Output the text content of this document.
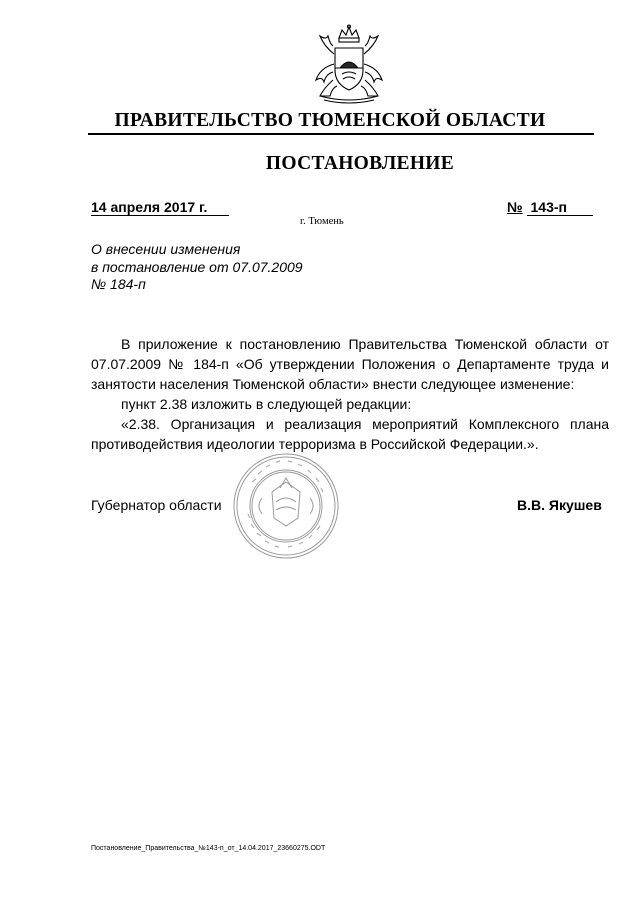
ПРАВИТЕЛЬСТВО ТЮМЕНСКОЙ ОБЛАСТИ
ПОСТАНОВЛЕНИЕ
14 апреля 2017 г.	№ 143-п
г. Тюмень
О внесении изменения
в постановление от 07.07.2009
№ 184-п

В приложение к постановлению Правительства Тюменской области от 07.07.2009 № 184-п «Об утверждении Положения о Департаменте труда и занятости населения Тюменской области» внести следующее изменение:

пункт 2.38 изложить в следующей редакции:

«2.38. Организация и реализация мероприятий Комплексного плана противодействия идеологии терроризма в Российской Федерации.».

Губернатор области	В.В. Якушев
Постановление_Правительства_№143-п_от_14.04.2017_23660275.ODT
